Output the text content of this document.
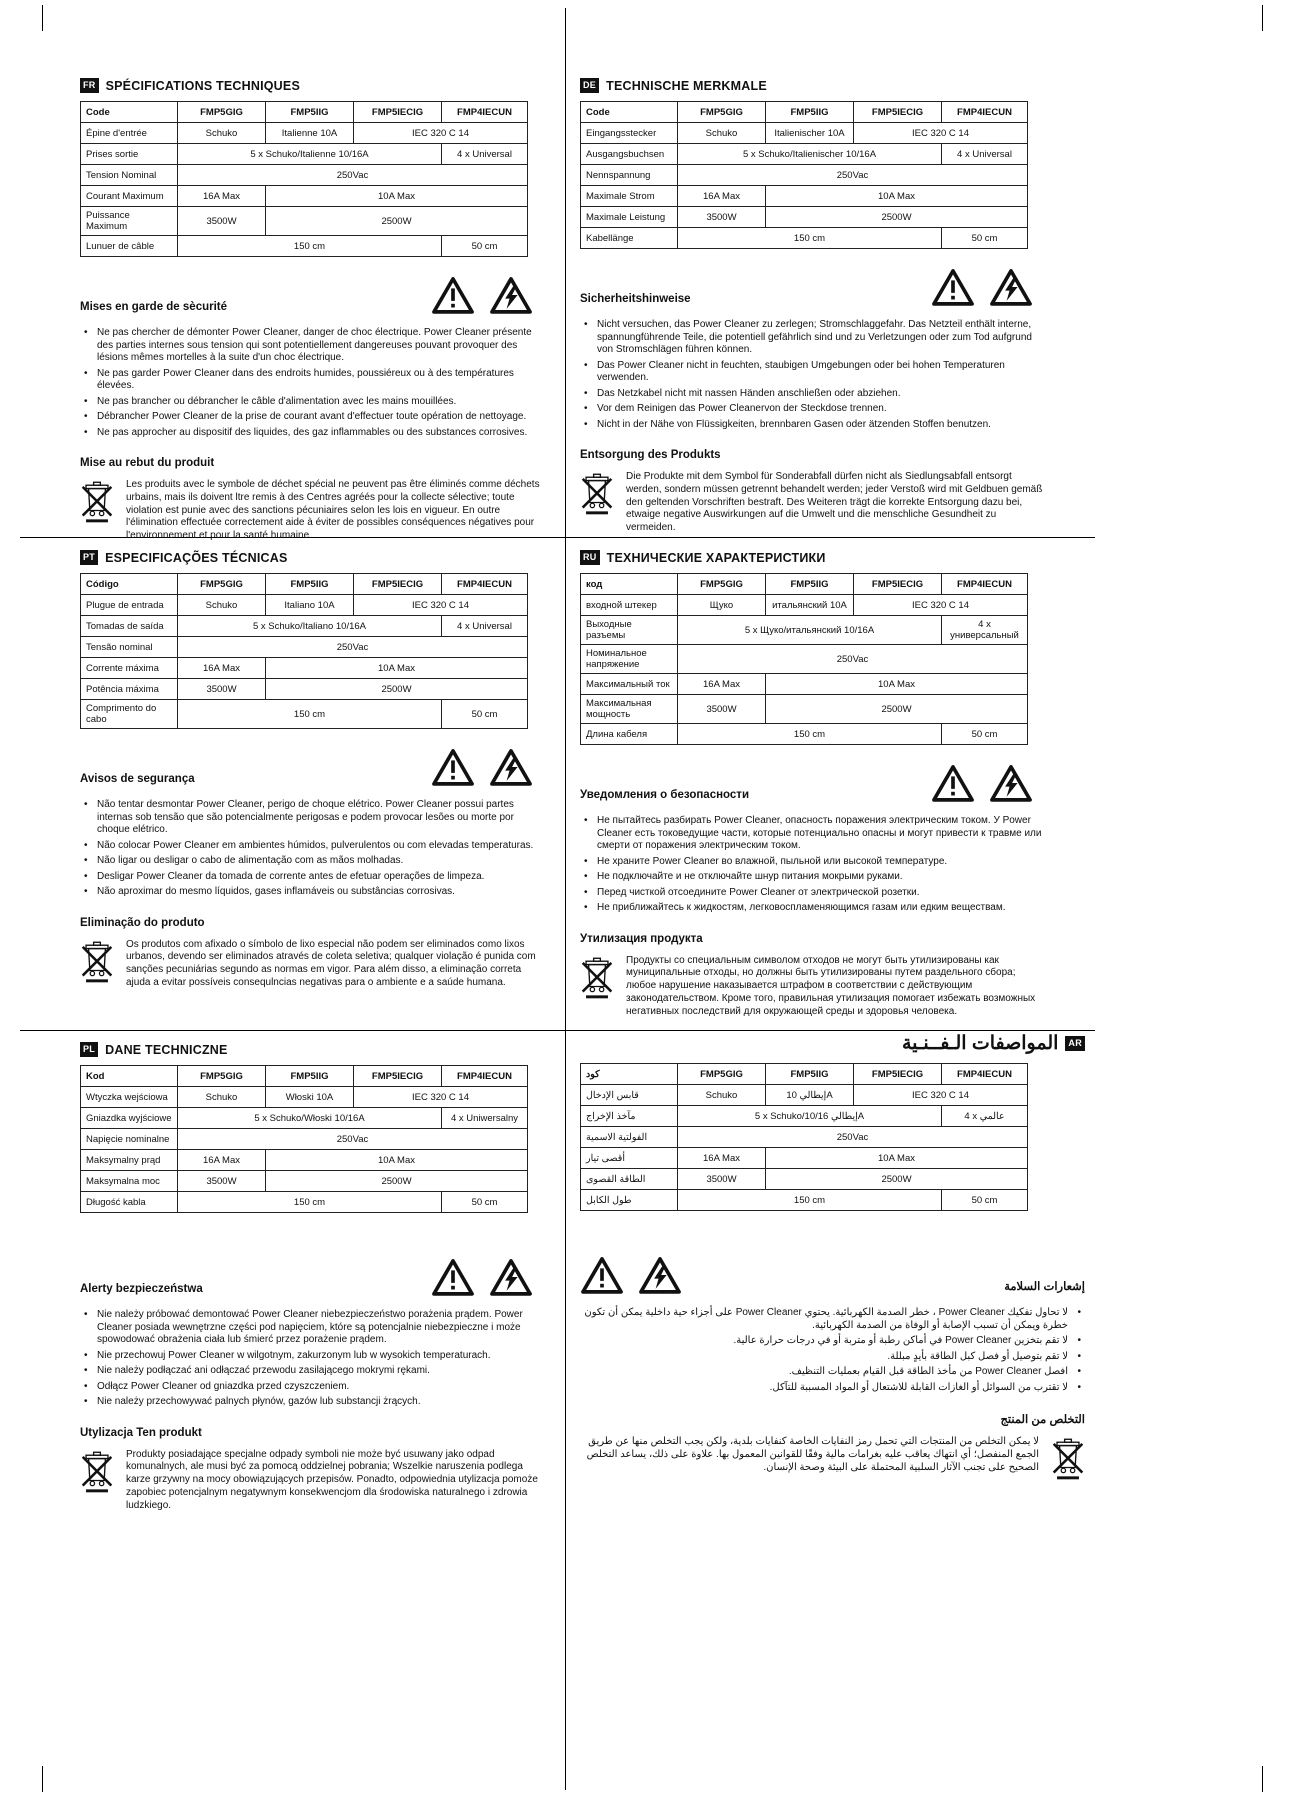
FR SPÉCIFICATIONS TECHNIQUES
Code	FMP5GIG	FMP5IIG	FMP5IECIG	FMP4IECUN
Épine d'entrée	Schuko	Italienne 10A	IEC 320 C 14	
Prises sortie	5 x Schuko/Italienne 10/16A			4 x Universal
Tension Nominal	250Vac			
Courant Maximum	16A Max	10A Max		
Puissance Maximum	3500W	2500W		
Lunuer de câble	150 cm			50 cm
Mises en garde de sècurité
• Ne pas chercher de démonter Power Cleaner, danger de choc électrique. Power Cleaner présente des parties internes sous tension qui sont potentiellement dangereuses pouvant provoquer des lésions mêmes mortelles à la suite d'un choc électrique.
• Ne pas garder Power Cleaner dans des endroits humides, poussiéreux ou à des températures élevées.
• Ne pas brancher ou débrancher le câble d'alimentation avec les mains mouillées.
• Débrancher Power Cleaner de la prise de courant avant d'effectuer toute opération de nettoyage.
• Ne pas approcher au dispositif des liquides, des gaz inflammables ou des substances corrosives.
Mise au rebut du produit

Les produits avec le symbole de déchet spécial ne peuvent pas être éliminés comme déchets urbains, mais ils doivent ltre remis à des Centres agréés pour la collecte sélective; toute violation est punie avec des sanctions pécuniaires selon les lois en vigueur. En outre l'élimination effectuée correctement aide à éviter de possibles conséquences négatives pour l'environnement et pour la santé humaine.

DE TECHNISCHE MERKMALE
Code	FMP5GIG	FMP5IIG	FMP5IECIG	FMP4IECUN
Eingangsstecker	Schuko	Italienischer 10A	IEC 320 C 14	
Ausgangsbuchsen	5 x Schuko/Italienischer 10/16A			4 x Universal
Nennspannung	250Vac			
Maximale Strom	16A Max	10A Max		
Maximale Leistung	3500W	2500W		
Kabellänge	150 cm			50 cm
Sicherheitshinweise
• Nicht versuchen, das Power Cleaner zu zerlegen; Stromschlaggefahr. Das Netzteil enthält interne, spannungführende Teile, die potentiell gefährlich sind und zu Verletzungen oder zum Tod aufgrund von Stromschlägen führen können.
• Das Power Cleaner nicht in feuchten, staubigen Umgebungen oder bei hohen Temperaturen verwenden.
• Das Netzkabel nicht mit nassen Händen anschließen oder abziehen.
• Vor dem Reinigen das Power Cleanervon der Steckdose trennen.
• Nicht in der Nähe von Flüssigkeiten, brennbaren Gasen oder ätzenden Stoffen benutzen.
Entsorgung des Produkts

Die Produkte mit dem Symbol für Sonderabfall dürfen nicht als Siedlungsabfall entsorgt werden, sondern müssen getrennt behandelt werden; jeder Verstoß wird mit Geldbuen gemäß den geltenden Vorschriften bestraft. Des Weiteren trägt die korrekte Entsorgung dazu bei, etwaige negative Auswirkungen auf die Umwelt und die menschliche Gesundheit zu vermeiden.

PT ESPECIFICAÇÕES TÉCNICAS
Código	FMP5GIG	FMP5IIG	FMP5IECIG	FMP4IECUN
Plugue de entrada	Schuko	Italiano 10A	IEC 320 C 14	
Tomadas de saída	5 x Schuko/Italiano 10/16A			4 x Universal
Tensão nominal	250Vac			
Corrente máxima	16A Max	10A Max		
Potência máxima	3500W	2500W		
Comprimento do cabo	150 cm			50 cm
Avisos de segurança
• Não tentar desmontar Power Cleaner, perigo de choque elétrico. Power Cleaner possui partes internas sob tensão que são potencialmente perigosas e podem provocar lesões ou morte por choque elétrico.
• Não colocar Power Cleaner em ambientes húmidos, pulverulentos ou com elevadas temperaturas.
• Não ligar ou desligar o cabo de alimentação com as mãos molhadas.
• Desligar Power Cleaner da tomada de corrente antes de efetuar operações de limpeza.
• Não aproximar do mesmo líquidos, gases inflamáveis ou substâncias corrosivas.
Eliminação do produto

Os produtos com afixado o símbolo de lixo especial não podem ser eliminados como lixos urbanos, devendo ser eliminados através de coleta seletiva; qualquer violação é punida com sanções pecuniárias segundo as normas em vigor. Para além disso, a eliminação correta ajuda a evitar possíveis consequlncias negativas para o ambiente e a saúde humana.

RU ТЕХНИЧЕСКИЕ ХАРАКТЕРИСТИКИ
код	FMP5GIG	FMP5IIG	FMP5IECIG	FMP4IECUN
входной штекер	Щуко	итальянский 10A	IEC 320 C 14	
Выходные разъемы	5 x Щуко/итальянский 10/16A			4 x универсальный
Номинальное напряжение	250Vac			
Максимальный ток	16A Max	10A Max		
Максимальная мощность	3500W	2500W		
Длина кабеля	150 cm			50 cm
Уведомления о безопасности
• Не пытайтесь разбирать Power Cleaner, опасность поражения электрическим током. У Power Cleaner есть токоведущие части, которые потенциально опасны и могут привести к травме или смерти от поражения электрическим током.
• Не храните Power Cleaner во влажной, пыльной или высокой температуре.
• Не подключайте и не отключайте шнур питания мокрыми руками.
• Перед чисткой отсоедините Power Cleaner от электрической розетки.
• Не приближайтесь к жидкостям, легковоспламеняющимся газам или едким веществам.
Утилизация продукта

Продукты со специальным символом отходов не могут быть утилизированы как муниципальные отходы, но должны быть утилизированы путем раздельного сбора; любое нарушение наказывается штрафом в соответствии с действующим законодательством. Кроме того, правильная утилизация помогает избежать возможных негативных последствий для окружающей среды и здоровья человека.

PL DANE TECHNICZNE
Kod	FMP5GIG	FMP5IIG	FMP5IECIG	FMP4IECUN
Wtyczka wejściowa	Schuko	Włoski 10A	IEC 320 C 14	
Gniazdka wyjściowe	5 x Schuko/Włoski 10/16A			4 x Uniwersalny
Napięcie nominalne	250Vac			
Maksymalny prąd	16A Max	10A Max		
Maksymalna moc	3500W	2500W		
Długość kabla	150 cm			50 cm
Alerty bezpieczeństwa
• Nie należy próbować demontować Power Cleaner niebezpieczeństwo porażenia prądem. Power Cleaner posiada wewnętrzne części pod napięciem, które są potencjalnie niebezpieczne i może spowodować obrażenia ciała lub śmierć przez porażenie prądem.
• Nie przechowuj Power Cleaner w wilgotnym, zakurzonym lub w wysokich temperaturach.
• Nie należy podłączać ani odłączać przewodu zasilającego mokrymi rękami.
• Odłącz Power Cleaner od gniazdka przed czyszczeniem.
• Nie należy przechowywać palnych płynów, gazów lub substancji żrących.
Utylizacja Ten produkt

Produkty posiadające specjalne odpady symboli nie może być usuwany jako odpad komunalnych, ale musi być za pomocą oddzielnej pobrania; Wszelkie naruszenia podlega karze grzywny na mocy obowiązujących przepisów. Ponadto, odpowiednia utylizacja pomoże zapobiec potencjalnym negatywnym konsekwencjom dla środowiska naturalnego i zdrowia ludzkiego.

AR
المواصفات الـفــنـية
كود	FMP5GIG	FMP5IIG	FMP5IECIG	FMP4IECUN
قابس الإدخال	Schuko	إيطالي 10A	IEC 320 C 14	
مآخذ الإخراج	5 x Schuko/إيطالي 10/16A			4 x عالمي
الفولتية الاسمية	250Vac			
أقصى تيار	16A Max	10A Max		
الطاقة القصوى	3500W	2500W		
طول الكابل	150 cm			50 cm
إشعارات السلامة
• لا تحاول تفكيك Power Cleaner ، خطر الصدمة الكهربائية. يحتوي Power Cleaner على أجزاء حية داخلية يمكن أن تكون خطرة ويمكن أن تسبب الإصابة أو الوفاة من الصدمة الكهربائية.
• لا تقم بتخزين Power Cleaner في أماكن رطبة أو متربة أو في درجات حرارة عالية.
• لا تقم بتوصيل أو فصل كبل الطاقة بأيدٍ مبللة.
• افصل Power Cleaner من مأخذ الطاقة قبل القيام بعمليات التنظيف.
• لا تقترب من السوائل أو الغازات القابلة للاشتعال أو المواد المسببة للتآكل.
التخلص من المنتج

لا يمكن التخلص من المنتجات التي تحمل رمز النفايات الخاصة كنفايات بلدية، ولكن يجب التخلص منها عن طريق الجمع المنفصل؛ أي انتهاك يعاقب عليه بغرامات مالية وفقًا للقوانين المعمول بها. علاوة على ذلك، يساعد التخلص الصحيح على تجنب الآثار السلبية المحتملة على البيئة وصحة الإنسان.
